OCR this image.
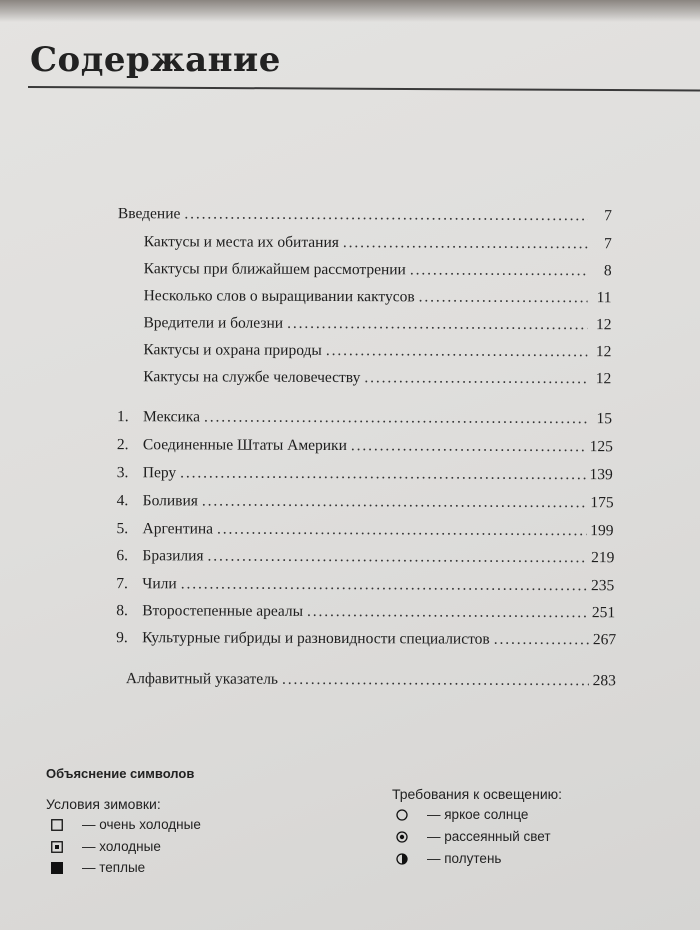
Содержание
Введение . . .	7
Кактусы и места их обитания . . .	7
Кактусы при ближайшем рассмотрении . . .	8
Несколько слов о выращивании кактусов . . .	11
Вредители и болезни . . .	12
Кактусы и охрана природы . . .	12
Кактусы на службе человечеству . . .	12
1. Мексика . . .	15
2. Соединенные Штаты Америки . . .	125
3. Перу . . .	139
4. Боливия . . .	175
5. Аргентина . . .	199
6. Бразилия . . .	219
7. Чили . . .	235
8. Второстепенные ареалы . . .	251
9. Культурные гибриды и разновидности специалистов . . .	267
Алфавитный указатель . . .	283
Объяснение символов
Условия зимовки:
— очень холодные
— холодные
— теплые
Требования к освещению:
— яркое солнце
— рассеянный свет
— полутень
